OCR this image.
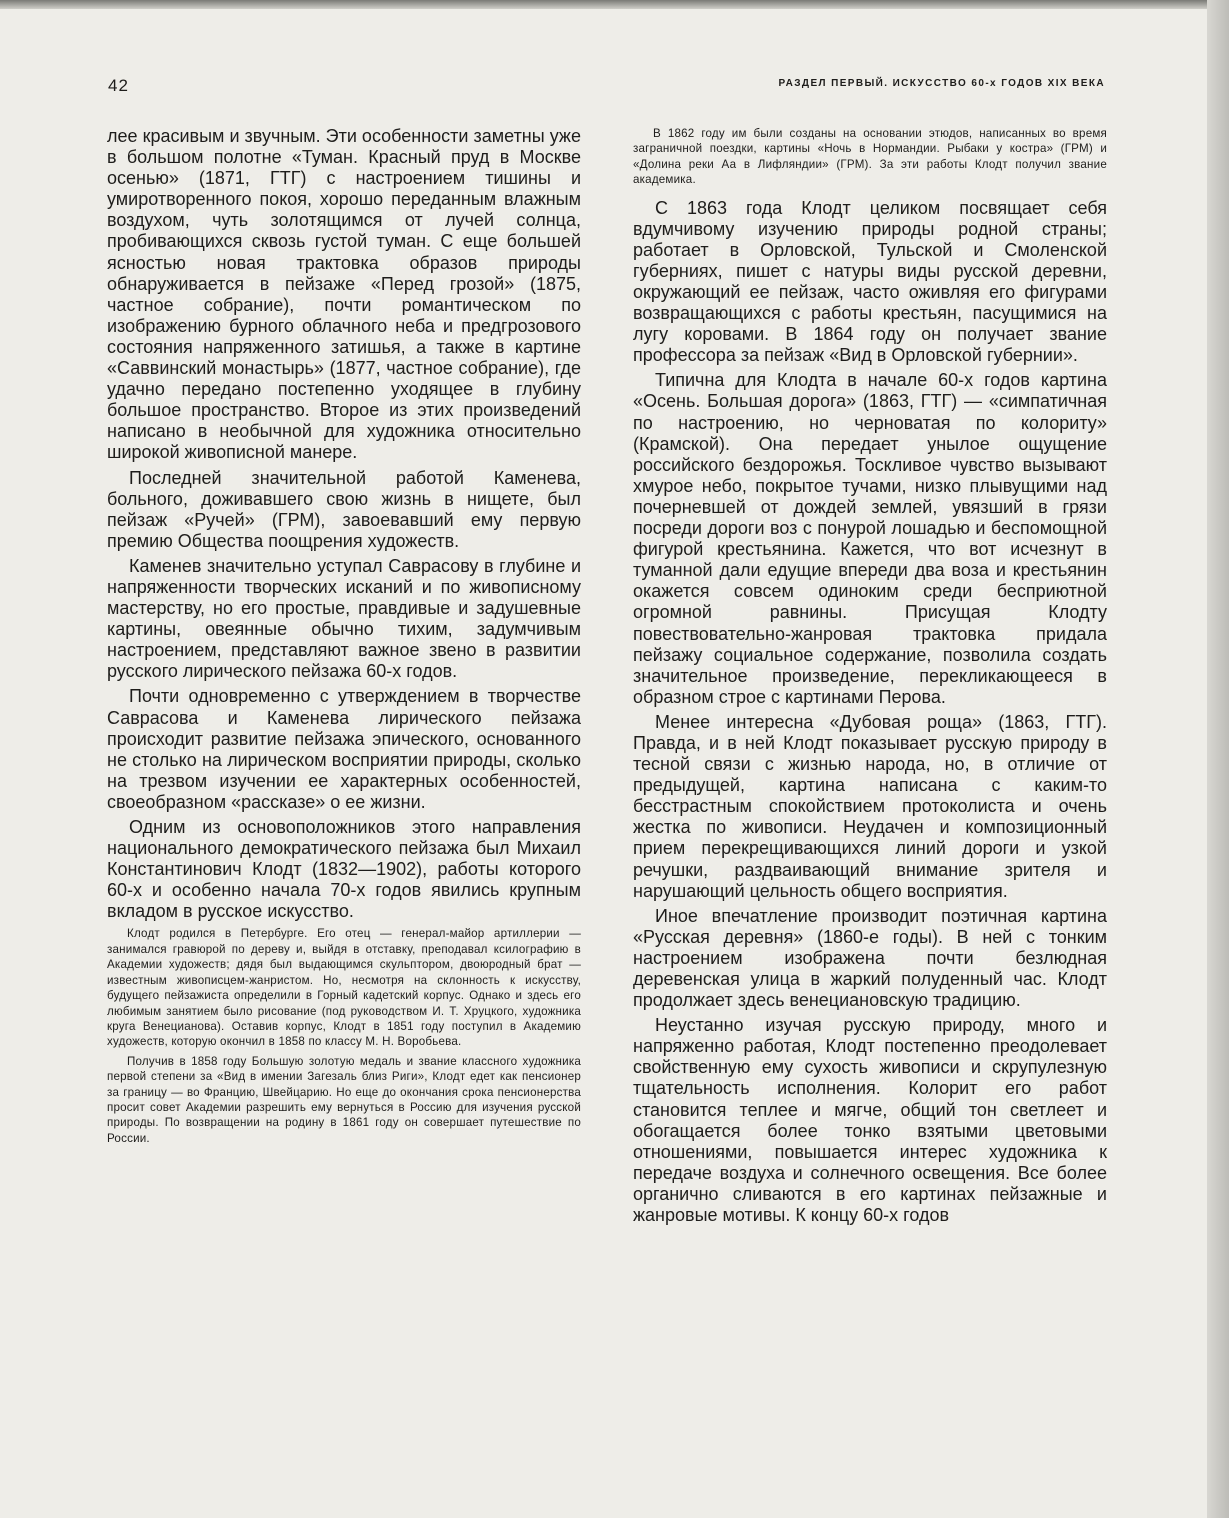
42	РАЗДЕЛ ПЕРВЫЙ. ИСКУССТВО 60-х ГОДОВ XIX ВЕКА

лее красивым и звучным. Эти особенности заметны уже в большом полотне «Туман. Красный пруд в Москве осенью» (1871, ГТГ) с настроением тишины и умиротворенного покоя, хорошо переданным влажным воздухом, чуть золотящимся от лучей солнца, пробивающихся сквозь густой туман. С еще большей ясностью новая трактовка образов природы обнаруживается в пейзаже «Перед грозой» (1875, частное собрание), почти романтическом по изображению бурного облачного неба и предгрозового состояния напряженного затишья, а также в картине «Саввинский монастырь» (1877, частное собрание), где удачно передано постепенно уходящее в глубину большое пространство. Второе из этих произведений написано в необычной для художника относительно широкой живописной манере.

Последней значительной работой Каменева, больного, доживавшего свою жизнь в нищете, был пейзаж «Ручей» (ГРМ), завоевавший ему первую премию Общества поощрения художеств.

Каменев значительно уступал Саврасову в глубине и напряженности творческих исканий и по живописному мастерству, но его простые, правдивые и задушевные картины, овеянные обычно тихим, задумчивым настроением, представляют важное звено в развитии русского лирического пейзажа 60-х годов.

Почти одновременно с утверждением в творчестве Саврасова и Каменева лирического пейзажа происходит развитие пейзажа эпического, основанного не столько на лирическом восприятии природы, сколько на трезвом изучении ее характерных особенностей, своеобразном «рассказе» о ее жизни.

Одним из основоположников этого направления национального демократического пейзажа был Михаил Константинович Клодт (1832—1902), работы которого 60-х и особенно начала 70-х годов явились крупным вкладом в русское искусство.

Клодт родился в Петербурге. Его отец — генерал-майор артиллерии — занимался гравюрой по дереву и, выйдя в отставку, преподавал ксилографию в Академии художеств; дядя был выдающимся скульптором, двоюродный брат — известным живописцем-жанристом. Но, несмотря на склонность к искусству, будущего пейзажиста определили в Горный кадетский корпус. Однако и здесь его любимым занятием было рисование (под руководством И. Т. Хруцкого, художника круга Венецианова). Оставив корпус, Клодт в 1851 году поступил в Академию художеств, которую окончил в 1858 по классу М. Н. Воробьева.

Получив в 1858 году Большую золотую медаль и звание классного художника первой степени за «Вид в имении Загезаль близ Риги», Клодт едет как пенсионер за границу — во Францию, Швейцарию. Но еще до окончания срока пенсионерства просит совет Академии разрешить ему вернуться в Россию для изучения русской природы. По возвращении на родину в 1861 году он совершает путешествие по России.

В 1862 году им были созданы на основании этюдов, написанных во время заграничной поездки, картины «Ночь в Нормандии. Рыбаки у костра» (ГРМ) и «Долина реки Аа в Лифляндии» (ГРМ). За эти работы Клодт получил звание академика.

С 1863 года Клодт целиком посвящает себя вдумчивому изучению природы родной страны; работает в Орловской, Тульской и Смоленской губерниях, пишет с натуры виды русской деревни, окружающий ее пейзаж, часто оживляя его фигурами возвращающихся с работы крестьян, пасущимися на лугу коровами. В 1864 году он получает звание профессора за пейзаж «Вид в Орловской губернии».

Типична для Клодта в начале 60-х годов картина «Осень. Большая дорога» (1863, ГТГ) — «симпатичная по настроению, но черноватая по колориту» (Крамской). Она передает унылое ощущение российского бездорожья. Тоскливое чувство вызывают хмурое небо, покрытое тучами, низко плывущими над почерневшей от дождей землей, увязший в грязи посреди дороги воз с понурой лошадью и беспомощной фигурой крестьянина. Кажется, что вот исчезнут в туманной дали едущие впереди два воза и крестьянин окажется совсем одиноким среди бесприютной огромной равнины. Присущая Клодту повествовательно-жанровая трактовка придала пейзажу социальное содержание, позволила создать значительное произведение, перекликающееся в образном строе с картинами Перова.

Менее интересна «Дубовая роща» (1863, ГТГ). Правда, и в ней Клодт показывает русскую природу в тесной связи с жизнью народа, но, в отличие от предыдущей, картина написана с каким-то бесстрастным спокойствием протоколиста и очень жестка по живописи. Неудачен и композиционный прием перекрещивающихся линий дороги и узкой речушки, раздваивающий внимание зрителя и нарушающий цельность общего восприятия.

Иное впечатление производит поэтичная картина «Русская деревня» (1860-е годы). В ней с тонким настроением изображена почти безлюдная деревенская улица в жаркий полуденный час. Клодт продолжает здесь венециановскую традицию.

Неустанно изучая русскую природу, много и напряженно работая, Клодт постепенно преодолевает свойственную ему сухость живописи и скрупулезную тщательность исполнения. Колорит его работ становится теплее и мягче, общий тон светлеет и обогащается более тонко взятыми цветовыми отношениями, повышается интерес художника к передаче воздуха и солнечного освещения. Все более органично сливаются в его картинах пейзажные и жанровые мотивы. К концу 60-х годов
